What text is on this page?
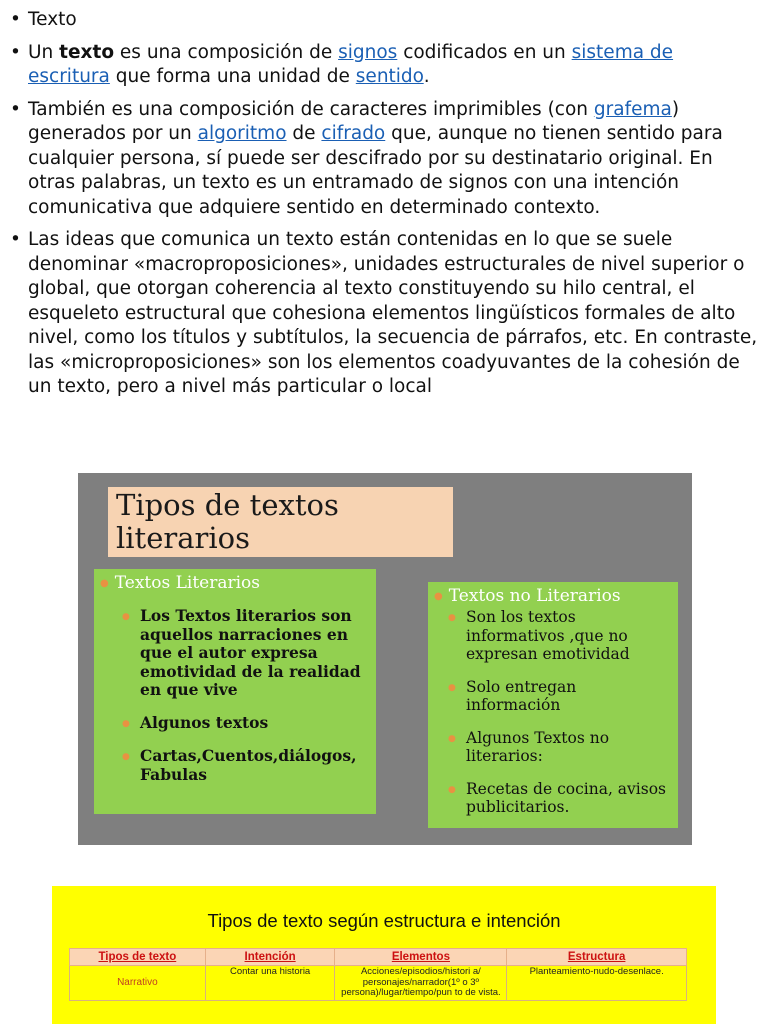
• Texto
• Un texto es una composición de signos codificados en un sistema de escritura que forma una unidad de sentido.
• También es una composición de caracteres imprimibles (con grafema) generados por un algoritmo de cifrado que, aunque no tienen sentido para cualquier persona, sí puede ser descifrado por su destinatario original. En otras palabras, un texto es un entramado de signos con una intención comunicativa que adquiere sentido en determinado contexto.
• Las ideas que comunica un texto están contenidas en lo que se suele denominar «macroproposiciones», unidades estructurales de nivel superior o global, que otorgan coherencia al texto constituyendo su hilo central, el esqueleto estructural que cohesiona elementos lingüísticos formales de alto nivel, como los títulos y subtítulos, la secuencia de párrafos, etc. En contraste, las «microproposiciones» son los elementos coadyuvantes de la cohesión de un texto, pero a nivel más particular o local
Tipos de textos literarios
● Textos Literarios
● Los Textos literarios son aquellos narraciones en que el autor expresa emotividad de la realidad en que vive
● Algunos textos
● Cartas,Cuentos,diálogos, Fabulas
● Textos no Literarios
● Son los textos informativos ,que no expresan emotividad
● Solo entregan información
● Algunos Textos no literarios:
● Recetas de cocina, avisos publicitarios.
Tipos de texto según estructura e intención
Tipos de texto	Intención	Elementos	Estructura
Narrativo	Contar una historia	Acciones/episodios/histori a/ personajes/narrador(1º o 3º persona)/lugar/tiempo/pun to de vista.	Planteamiento-nudo-desenlace.
